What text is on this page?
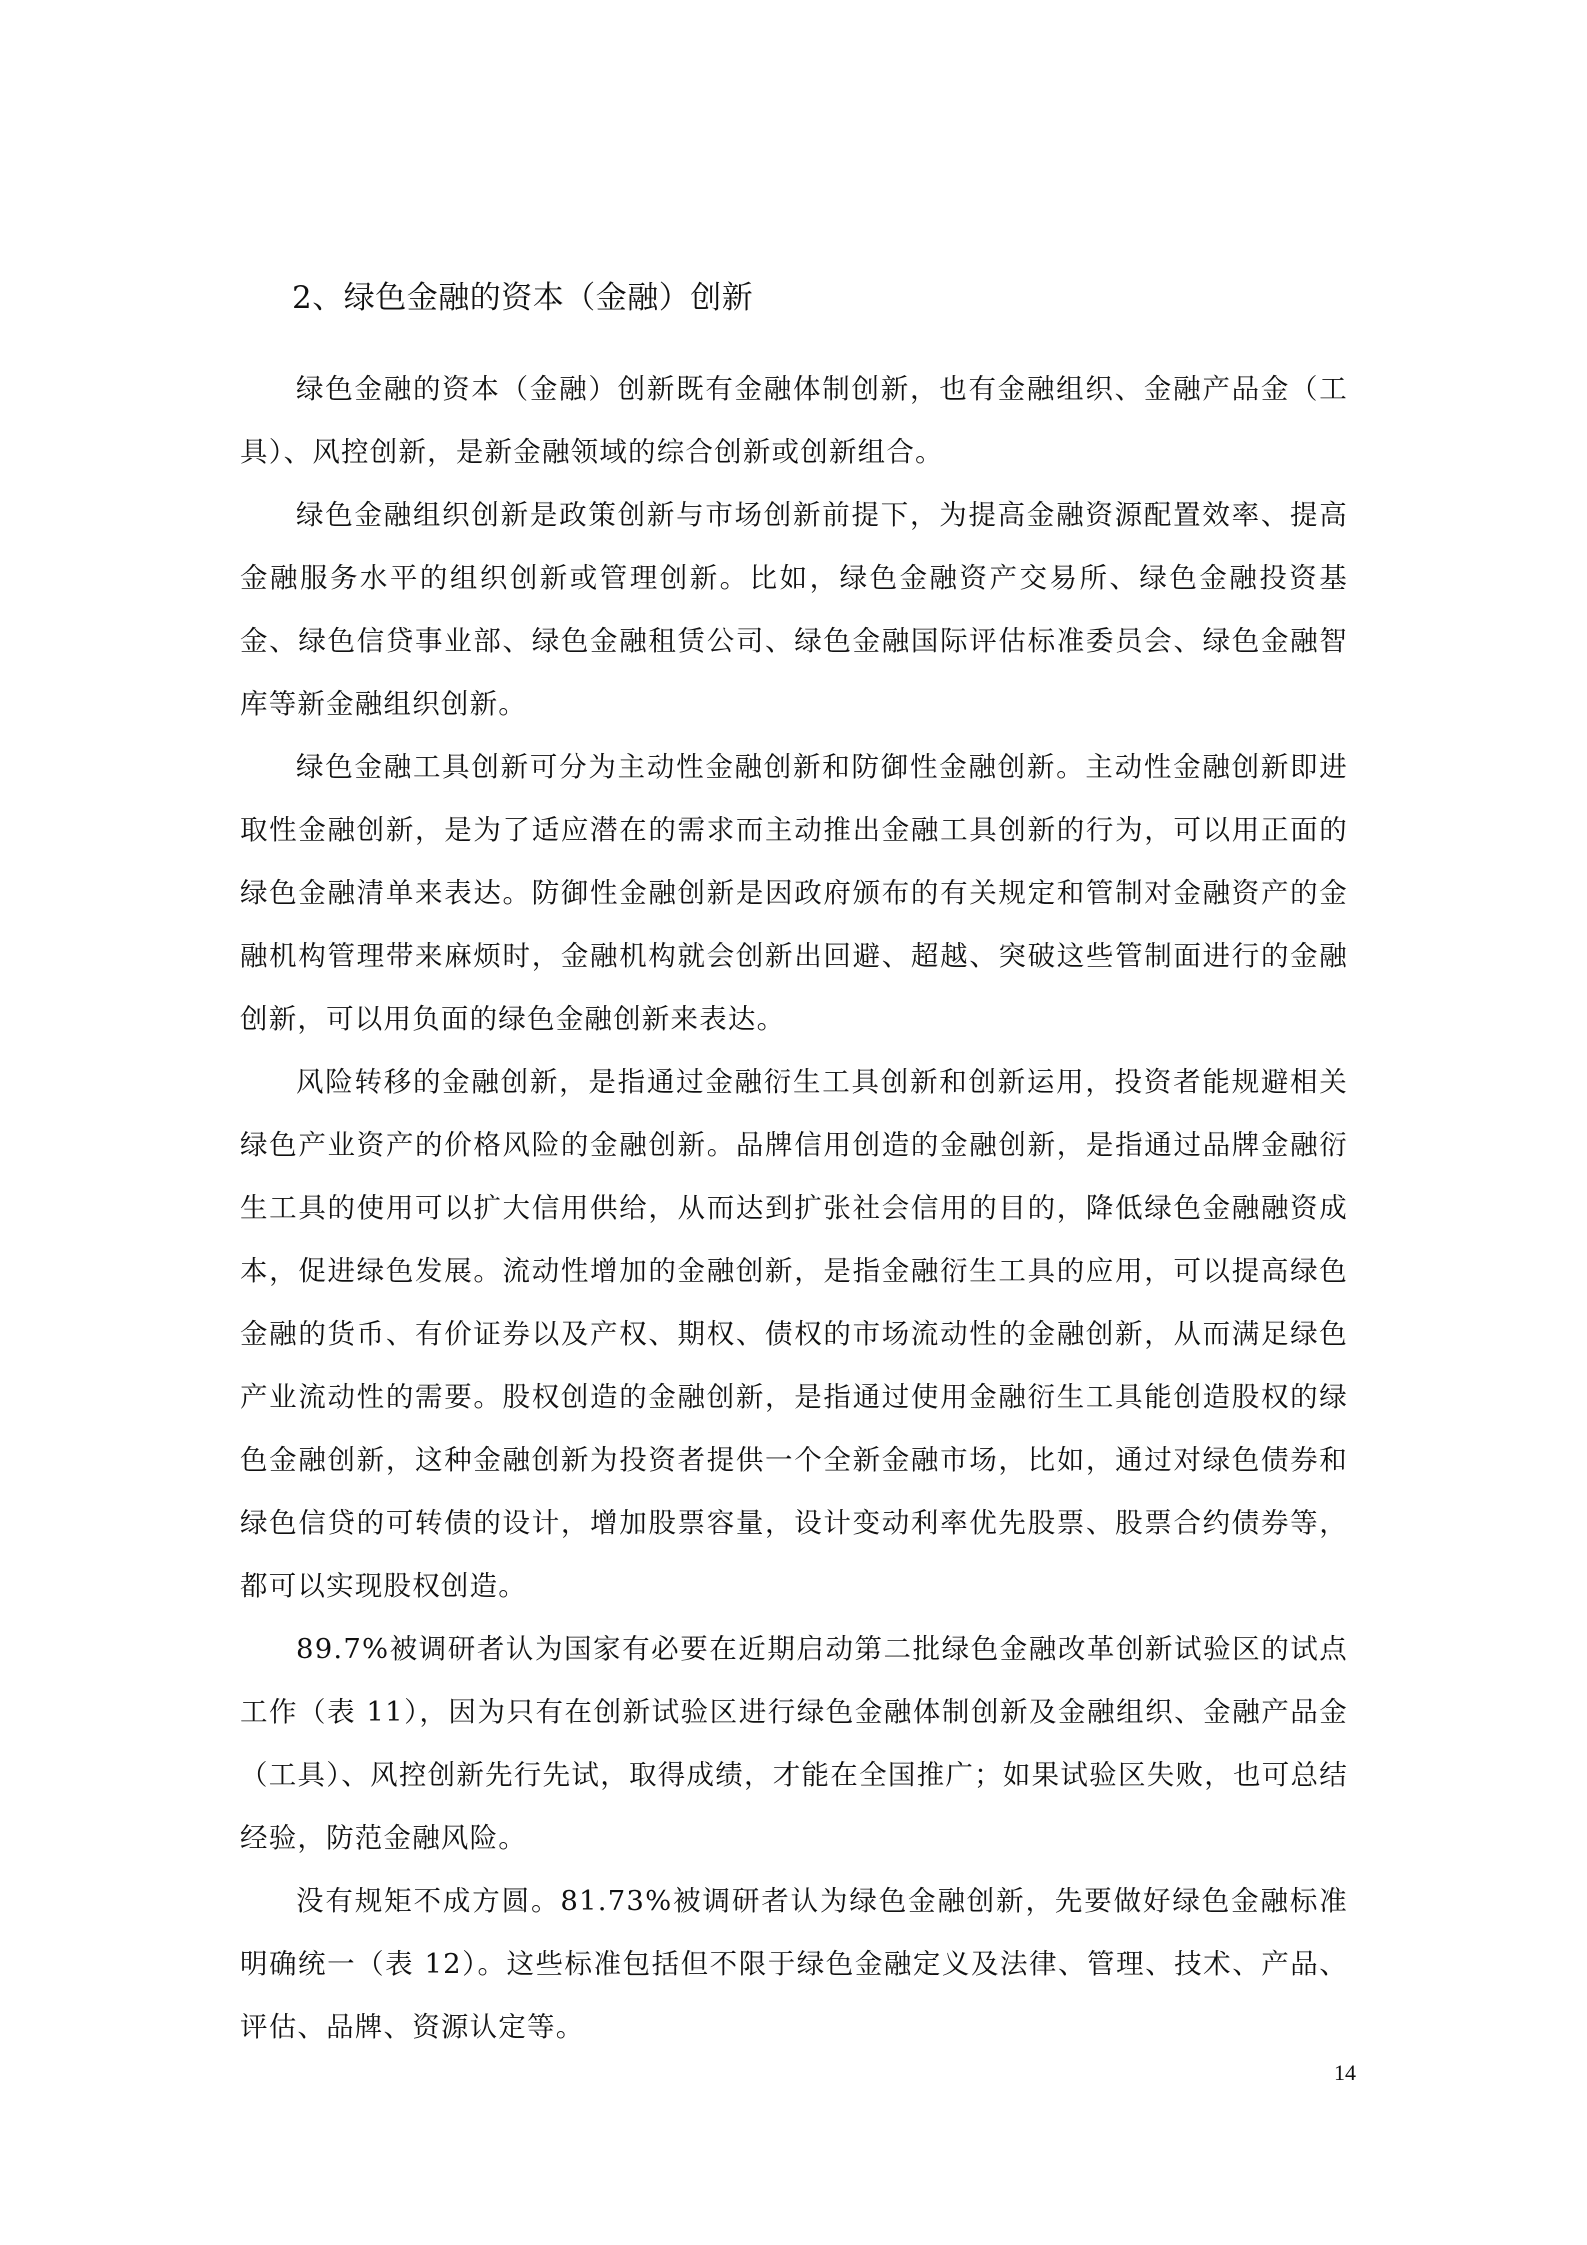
2、绿色金融的资本（金融）创新

绿色金融的资本（金融）创新既有金融体制创新，也有金融组织、金融产品金（工具）、风控创新，是新金融领域的综合创新或创新组合。

绿色金融组织创新是政策创新与市场创新前提下，为提高金融资源配置效率、提高金融服务水平的组织创新或管理创新。比如，绿色金融资产交易所、绿色金融投资基金、绿色信贷事业部、绿色金融租赁公司、绿色金融国际评估标准委员会、绿色金融智库等新金融组织创新。

绿色金融工具创新可分为主动性金融创新和防御性金融创新。主动性金融创新即进取性金融创新，是为了适应潜在的需求而主动推出金融工具创新的行为，可以用正面的绿色金融清单来表达。防御性金融创新是因政府颁布的有关规定和管制对金融资产的金融机构管理带来麻烦时，金融机构就会创新出回避、超越、突破这些管制面进行的金融创新，可以用负面的绿色金融创新来表达。

风险转移的金融创新，是指通过金融衍生工具创新和创新运用，投资者能规避相关绿色产业资产的价格风险的金融创新。品牌信用创造的金融创新，是指通过品牌金融衍生工具的使用可以扩大信用供给，从而达到扩张社会信用的目的，降低绿色金融融资成本，促进绿色发展。流动性增加的金融创新，是指金融衍生工具的应用，可以提高绿色金融的货币、有价证券以及产权、期权、债权的市场流动性的金融创新，从而满足绿色产业流动性的需要。股权创造的金融创新，是指通过使用金融衍生工具能创造股权的绿色金融创新，这种金融创新为投资者提供一个全新金融市场，比如，通过对绿色债券和绿色信贷的可转债的设计，增加股票容量，设计变动利率优先股票、股票合约债券等，都可以实现股权创造。

89.7%被调研者认为国家有必要在近期启动第二批绿色金融改革创新试验区的试点工作（表 11），因为只有在创新试验区进行绿色金融体制创新及金融组织、金融产品金（工具）、风控创新先行先试，取得成绩，才能在全国推广；如果试验区失败，也可总结经验，防范金融风险。

没有规矩不成方圆。81.73%被调研者认为绿色金融创新，先要做好绿色金融标准明确统一（表 12）。这些标准包括但不限于绿色金融定义及法律、管理、技术、产品、评估、品牌、资源认定等。

14
